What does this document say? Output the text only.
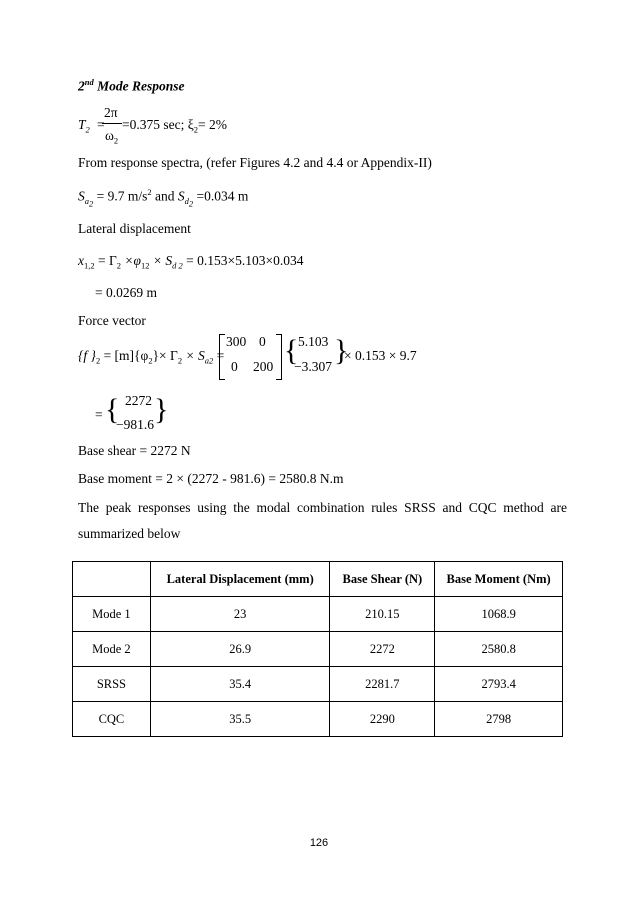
2nd Mode Response
$T_2$ =
2π
$\omega_2$
=0.375 sec; $\xi_2= 2\%$
From response spectra, (refer Figures 4.2 and 4.4 or Appendix-II)
$S_{a_2} = 9.7$ $m/s^2$ and $S_{d_2} =0.034$ m
Lateral displacement
$x_{1,2} = \Gamma_2 \times\varphi_{12} \times S_{d 2} = 0.153\times 5.103\times 0.034$
= 0.0269 m
Force vector
{f }$_2 = [m]\{\varphi_2\}\times \Gamma_2 \times S_{a2}$ =
300 0
0 200 { 5.103
−3.307 }
× 0.153 × 9.7
= { 2272
−981.6 }
Base shear = 2272 N
Base moment = 2 × (2272 - 981.6) = 2580.8 N.m
The  peak  responses  using  the  modal  combination  rules  SRSS  and  CQC  method  are
summarized below
	Lateral Displacement (mm)	Base Shear (N)	Base Moment (Nm)
Mode 1	23	210.15	1068.9
Mode 2	26.9	2272	2580.8
SRSS	35.4	2281.7	2793.4
CQC	35.5	2290	2798
126
